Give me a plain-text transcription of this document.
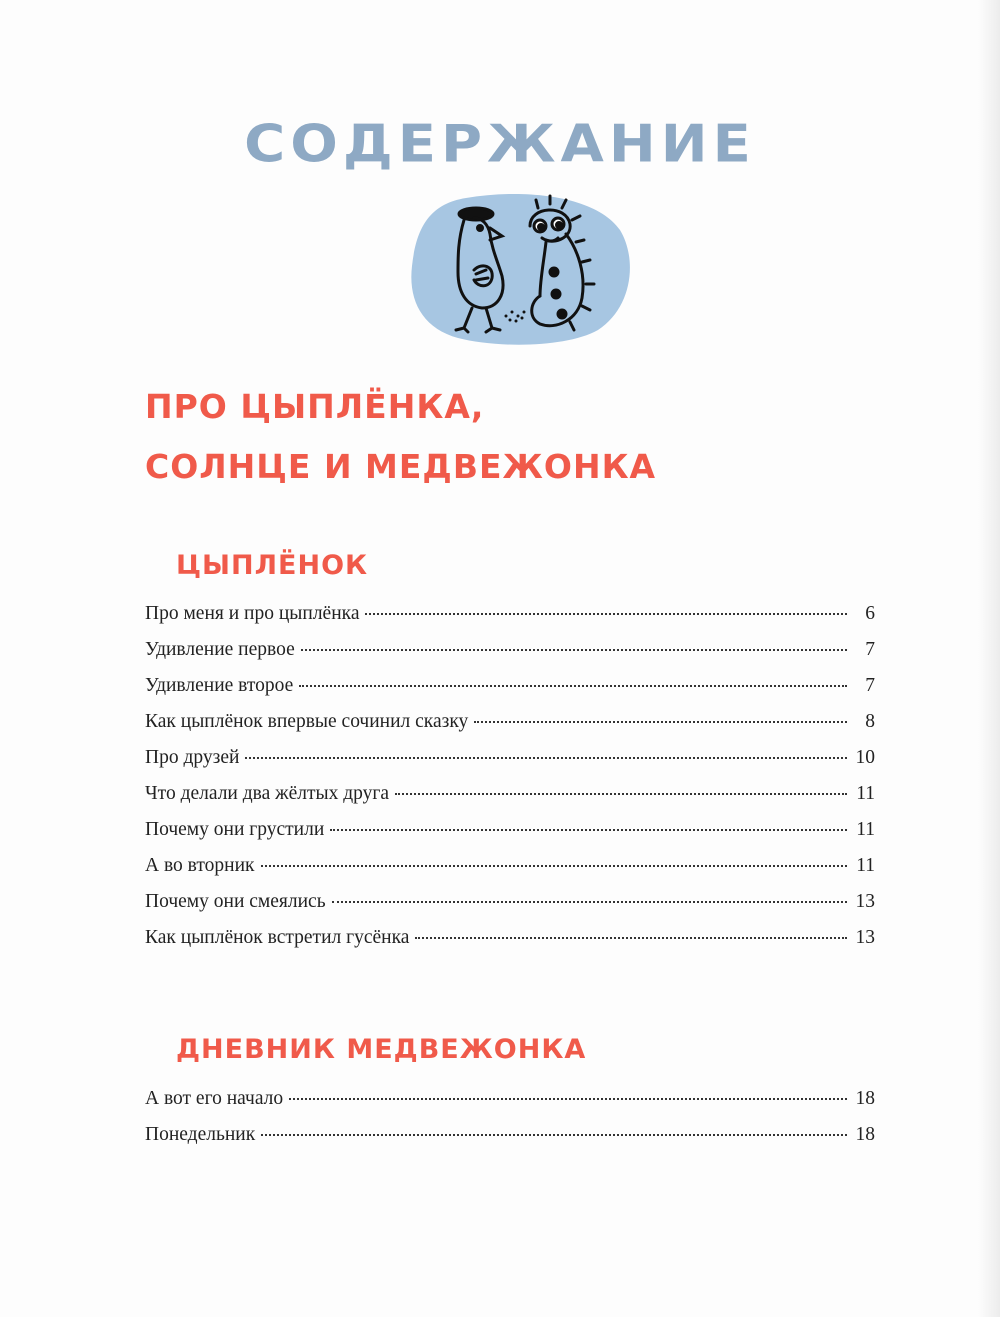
СОДЕРЖАНИЕ
ПРО ЦЫПЛЁНКА,
СОЛНЦЕ И МЕДВЕЖОНКА
ЦЫПЛЁНОК
Про меня и про цыплёнка	6
Удивление первое	7
Удивление второе	7
Как цыплёнок впервые сочинил сказку	8
Про друзей	10
Что делали два жёлтых друга	11
Почему они грустили	11
А во вторник	11
Почему они смеялись	13
Как цыплёнок встретил гусёнка	13
ДНЕВНИК МЕДВЕЖОНКА
А вот его начало	18
Понедельник	18
